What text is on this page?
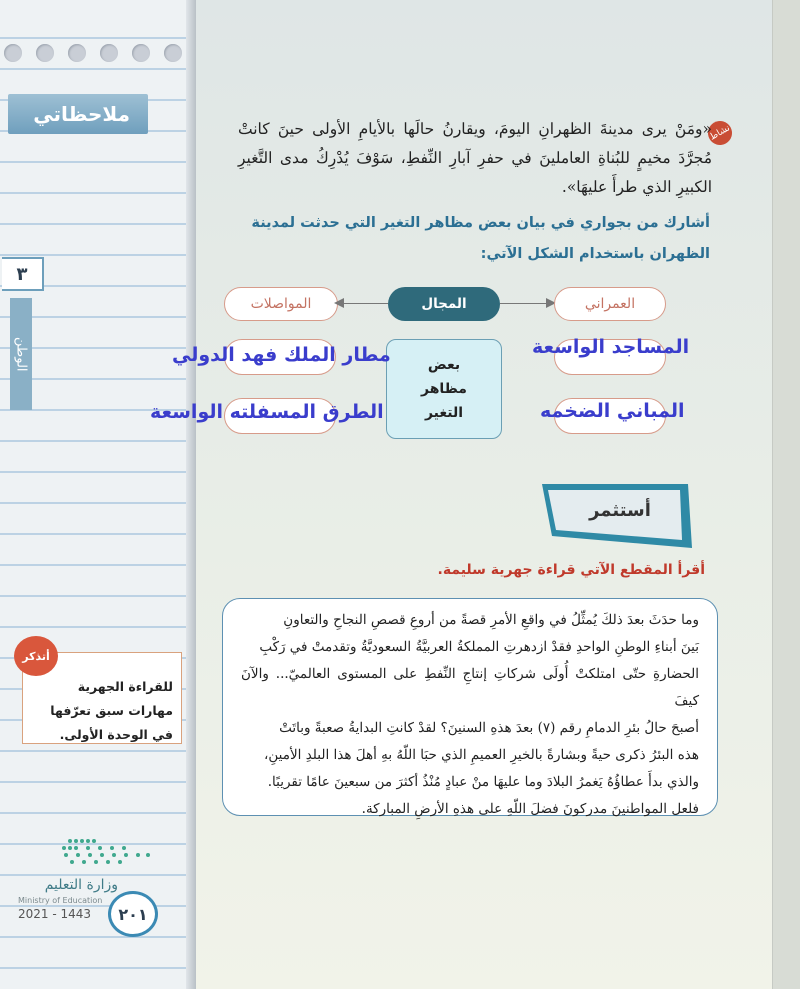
ملاحظاتي
٣
الوطن
نشاط
«ومَنْ يرى مدينةَ الظهرانِ اليومَ، ويقارنُ حالَها بالأيامِ الأولى حينَ كانتْ مُجرَّدَ مخيمٍ للبُناةِ العاملينَ في حفرِ آبارِ النِّفطِ، سَوْفَ يُدْرِكُ مدى التَّغيرِ الكبيرِ الذي طرأَ عليهَا».
أشارك من بجواري في بيان بعض مظاهر التغير التي حدثت لمدينة الظهران باستخدام الشكل الآتي:
المواصلات	المجال	العمراني
بعض
مظاهر
التغير
مطار الملك فهد الدولي
الطرق المسفلته الواسعة
المساجد الواسعة
المباني الضخمه
أستثمر
أقرأ المقطع الآتي قراءة جهرية سليمة.
وما حدَثَ بعدَ ذلكَ يُمثِّلُ في واقعِ الأمرِ قصةً من أروعِ قصصِ النجاحِ والتعاونِ
بَينَ أبناءِ الوطنِ الواحدِ فقدْ ازدهرتِ المملكةُ العربيَّةُ السعوديَّةُ وتقدمتْ في رَكْبِ
الحضارةِ حتّى امتلكتْ أُولَى شركاتِ إنتاجِ النِّفطِ على المستوى العالميّ... والآنَ كيفَ
أصبحَ حالُ بئرِ الدمامِ رقم (٧) بعدَ هذهِ السنينَ؟ لقدْ كانتِ البدايةُ صعبةً وباتَتْ
هذه البئرُ ذكرى حيةً وبشارةً بالخيرِ العميمِ الذي حبَا اللّهُ بهِ أهلَ هذا البلدِ الأمينِ،
والذي بدأَ عطاؤُهُ يَغمرُ البلادَ وما عليهَا منْ عبادٍ مُنْذُ أكثرَ من سبعينَ عامًا تقريبًا.
فلعل المواطنينَ مدركونَ فضلَ اللّهِ على هذهِ الأرضِ المباركة.
للقراءة الجهرية مهارات سبق تعرّفها في الوحدة الأولى.
أتذكر
وزارة التعليم
Ministry of Education
2021 - 1443	٢٠١
